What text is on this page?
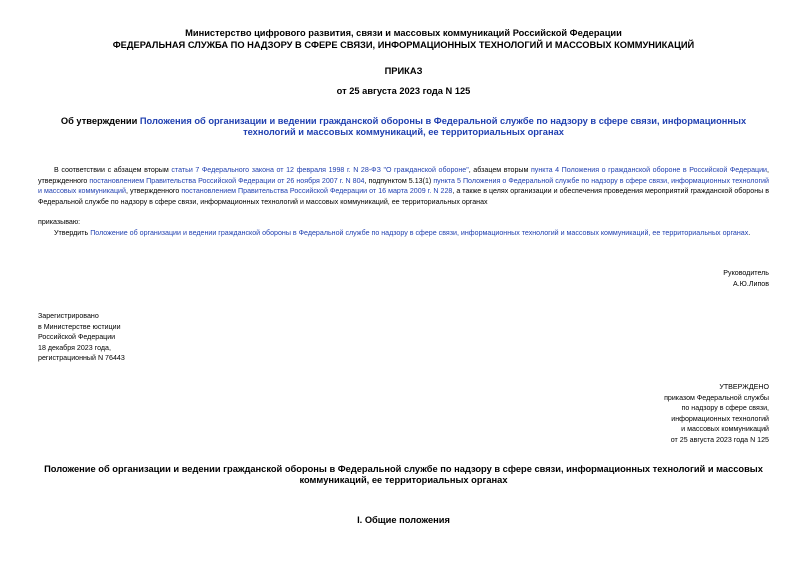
Министерство цифрового развития, связи и массовых коммуникаций Российской Федерации
ФЕДЕРАЛЬНАЯ СЛУЖБА ПО НАДЗОРУ В СФЕРЕ СВЯЗИ, ИНФОРМАЦИОННЫХ ТЕХНОЛОГИЙ И МАССОВЫХ КОММУНИКАЦИЙ
ПРИКАЗ
от 25 августа 2023 года N 125
Об утверждении Положения об организации и ведении гражданской обороны в Федеральной службе по надзору в сфере связи, информационных технологий и массовых коммуникаций, ее территориальных органах
В соответствии с абзацем вторым статьи 7 Федерального закона от 12 февраля 1998 г. N 28-ФЗ "О гражданской обороне", абзацем вторым пункта 4 Положения о гражданской обороне в Российской Федерации, утвержденного постановлением Правительства Российской Федерации от 26 ноября 2007 г. N 804, подпунктом 5.13(1) пункта 5 Положения о Федеральной службе по надзору в сфере связи, информационных технологий и массовых коммуникаций, утвержденного постановлением Правительства Российской Федерации от 16 марта 2009 г. N 228, а также в целях организации и обеспечения проведения мероприятий гражданской обороны в Федеральной службе по надзору в сфере связи, информационных технологий и массовых коммуникаций, ее территориальных органах
приказываю:
Утвердить Положение об организации и ведении гражданской обороны в Федеральной службе по надзору в сфере связи, информационных технологий и массовых коммуникаций, ее территориальных органах.
Руководитель
А.Ю.Липов
Зарегистрировано
в Министерстве юстиции
Российской Федерации
18 декабря 2023 года,
регистрационный N 76443
УТВЕРЖДЕНО
приказом Федеральной службы
по надзору в сфере связи,
информационных технологий
и массовых коммуникаций
от 25 августа 2023 года N 125
Положение об организации и ведении гражданской обороны в Федеральной службе по надзору в сфере связи, информационных технологий и массовых коммуникаций, ее территориальных органах
I. Общие положения
